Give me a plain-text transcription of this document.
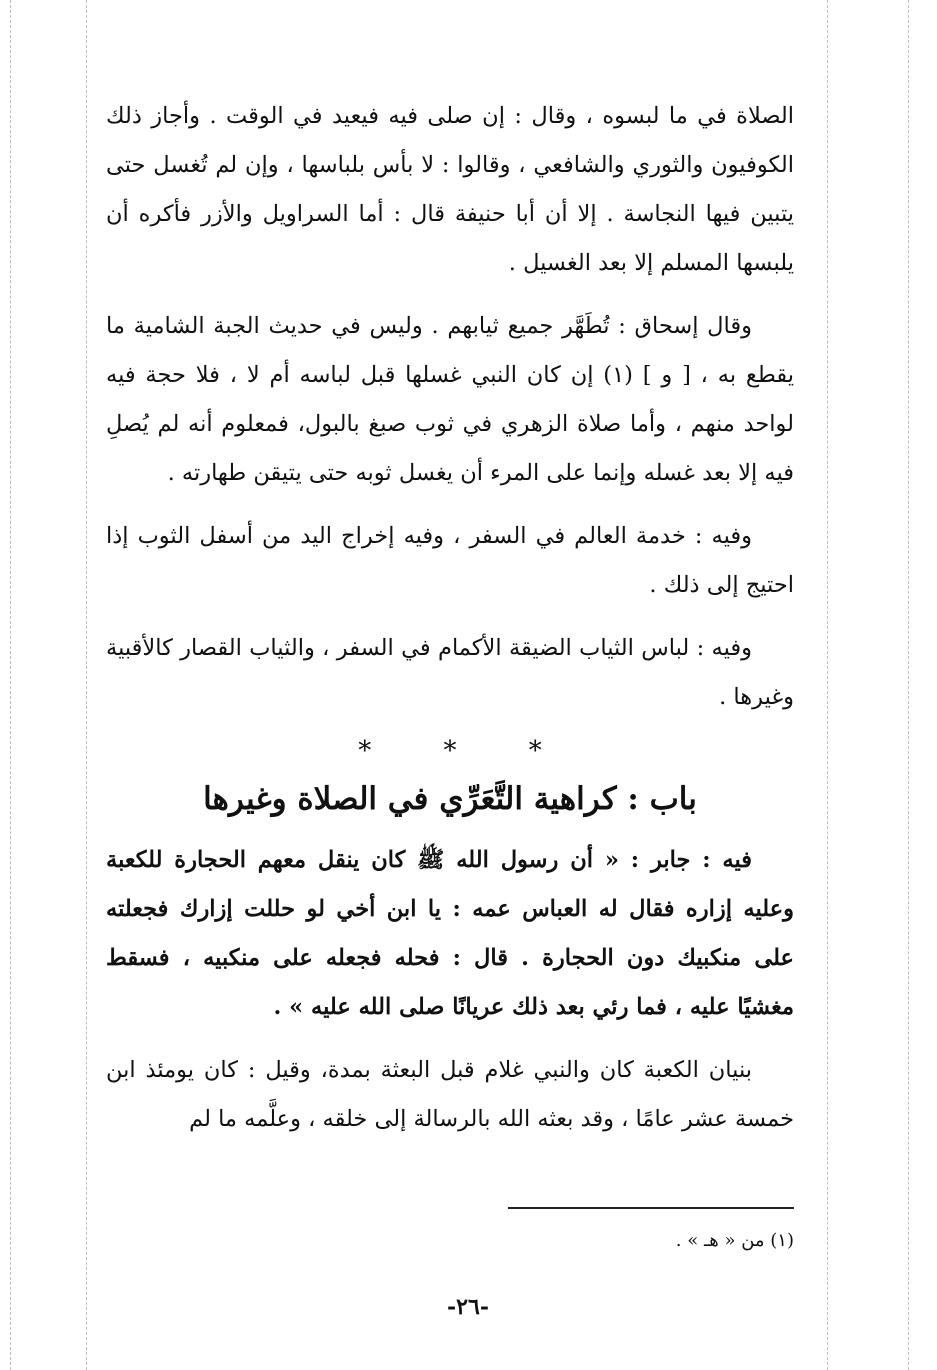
الصلاة في ما لبسوه ، وقال : إن صلى فيه فيعيد في الوقت . وأجاز ذلك الكوفيون والثوري والشافعي ، وقالوا : لا بأس بلباسها ، وإن لم تُغسل حتى يتبين فيها النجاسة . إلا أن أبا حنيفة قال : أما السراويل والأزر فأكره أن يلبسها المسلم إلا بعد الغسيل .

وقال إسحاق : تُطَهَّر جميع ثيابهم . وليس في حديث الجبة الشامية ما يقطع به ، [ و ] (١) إن كان النبي غسلها قبل لباسه أم لا ، فلا حجة فيه لواحد منهم ، وأما صلاة الزهري في ثوب صبغ بالبول، فمعلوم أنه لم يُصلِ فيه إلا بعد غسله وإنما على المرء أن يغسل ثوبه حتى يتيقن طهارته .

وفيه : خدمة العالم في السفر ، وفيه إخراج اليد من أسفل الثوب إذا احتيج إلى ذلك .

وفيه : لباس الثياب الضيقة الأكمام في السفر ، والثياب القصار كالأقبية وغيرها .

*	*	*
باب : كراهية التَّعَرِّي في الصلاة وغيرها

فيه : جابر : « أن رسول الله ﷺ كان ينقل معهم الحجارة للكعبة وعليه إزاره فقال له العباس عمه : يا ابن أخي لو حللت إزارك فجعلته على منكبيك دون الحجارة . قال : فحله فجعله على منكبيه ، فسقط مغشيًا عليه ، فما رئي بعد ذلك عريانًا صلى الله عليه » .

بنيان الكعبة كان والنبي غلام قبل البعثة بمدة، وقيل : كان يومئذ ابن خمسة عشر عامًا ، وقد بعثه الله بالرسالة إلى خلقه ، وعلَّمه ما لم

(١) من « هـ » .
-٢٦-
